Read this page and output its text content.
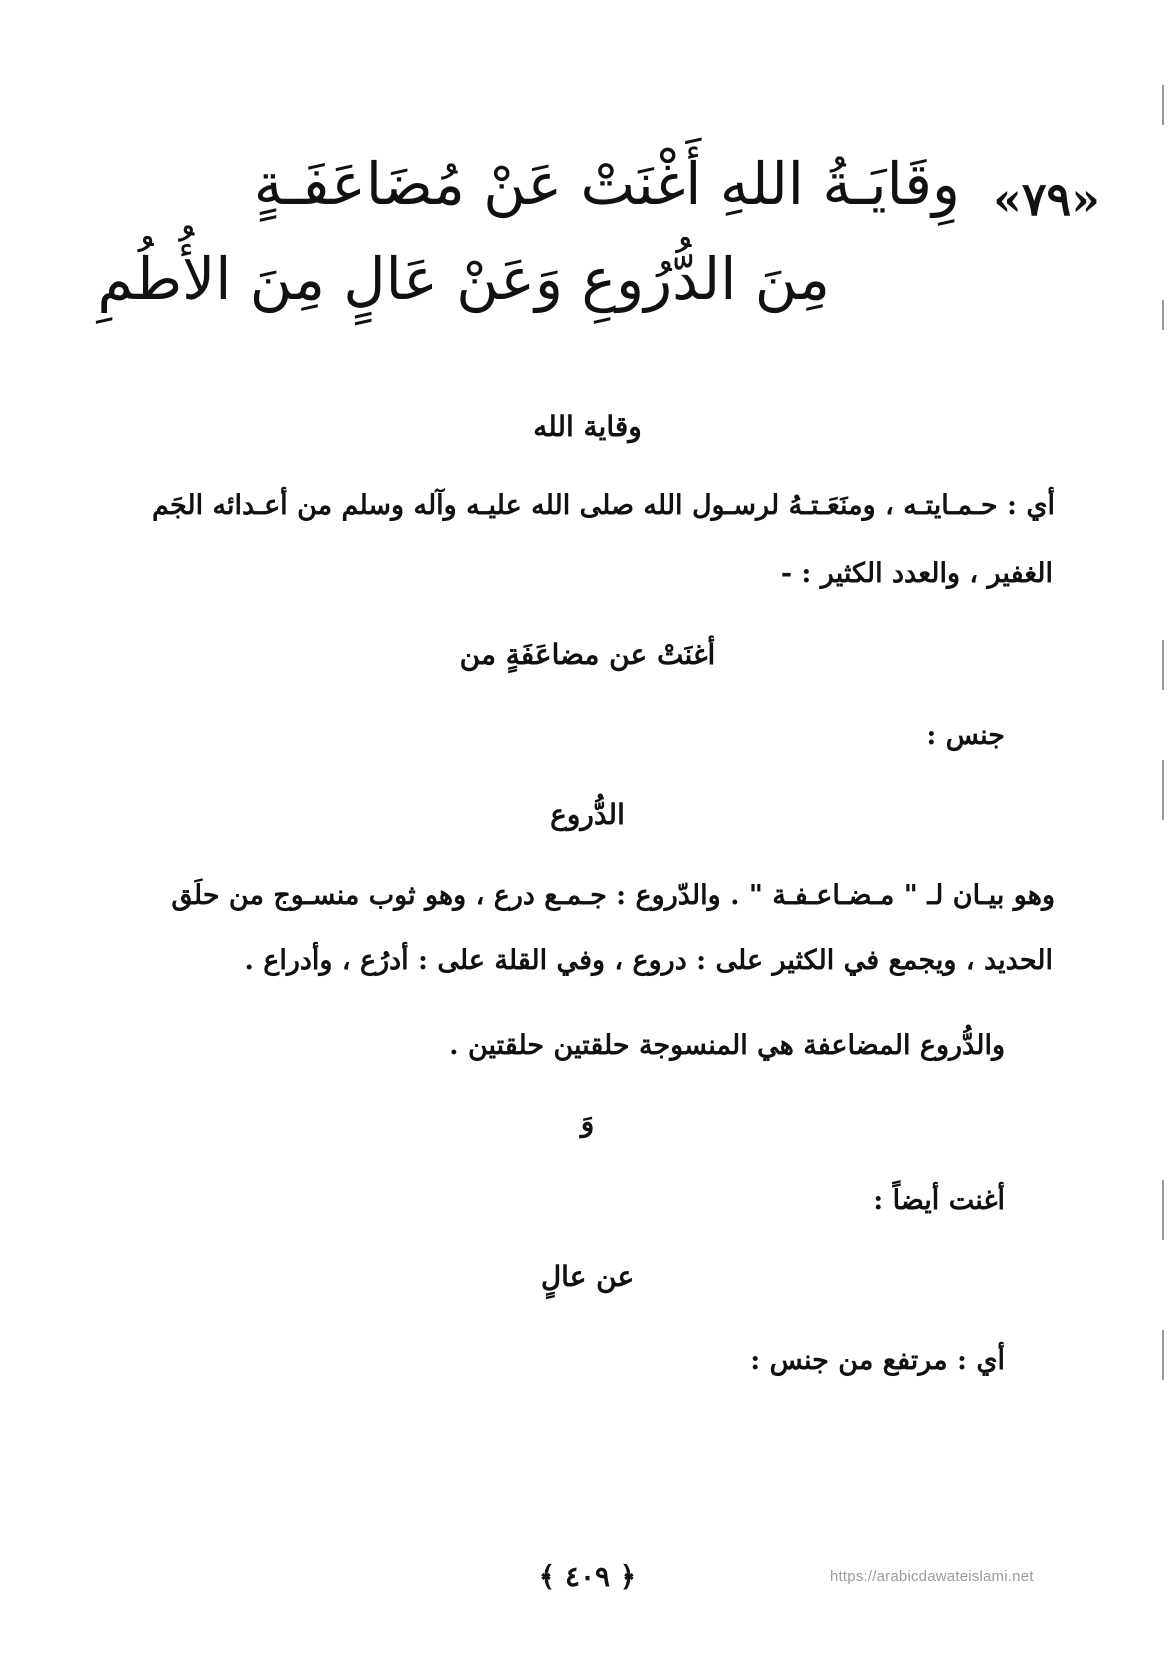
«٧٩»
وِقَايَـةُ اللهِ أَغْنَتْ عَنْ مُضَاعَفَـةٍ
مِنَ الدُّرُوعِ وَعَنْ عَالٍ مِنَ الأُطُمِ
وقاية الله
أي : حـمـايتـه ، ومنَعَـتـهُ لرسـول الله صلى الله عليـه وآله وسلم من أعـدائه الجَم
الغفير ، والعدد الكثير : -
أغنَتْ عن مضاعَفَةٍ من
جنس :
الدُّروع
وهو بيـان لـ " مـضـاعـفـة " . والدّروع : جـمـع درع ، وهو ثوب منسـوج من حلَق
الحديد ، ويجمع في الكثير على : دروع ، وفي القلة على : أدرُع ، وأدراع .
والدُّروع المضاعفة هي المنسوجة حلقتين حلقتين .
وَ
أغنت أيضاً :
عن عالٍ
أي : مرتفع من جنس :
﴿ ٤٠٩ ﴾	https://arabicdawateislami.net
